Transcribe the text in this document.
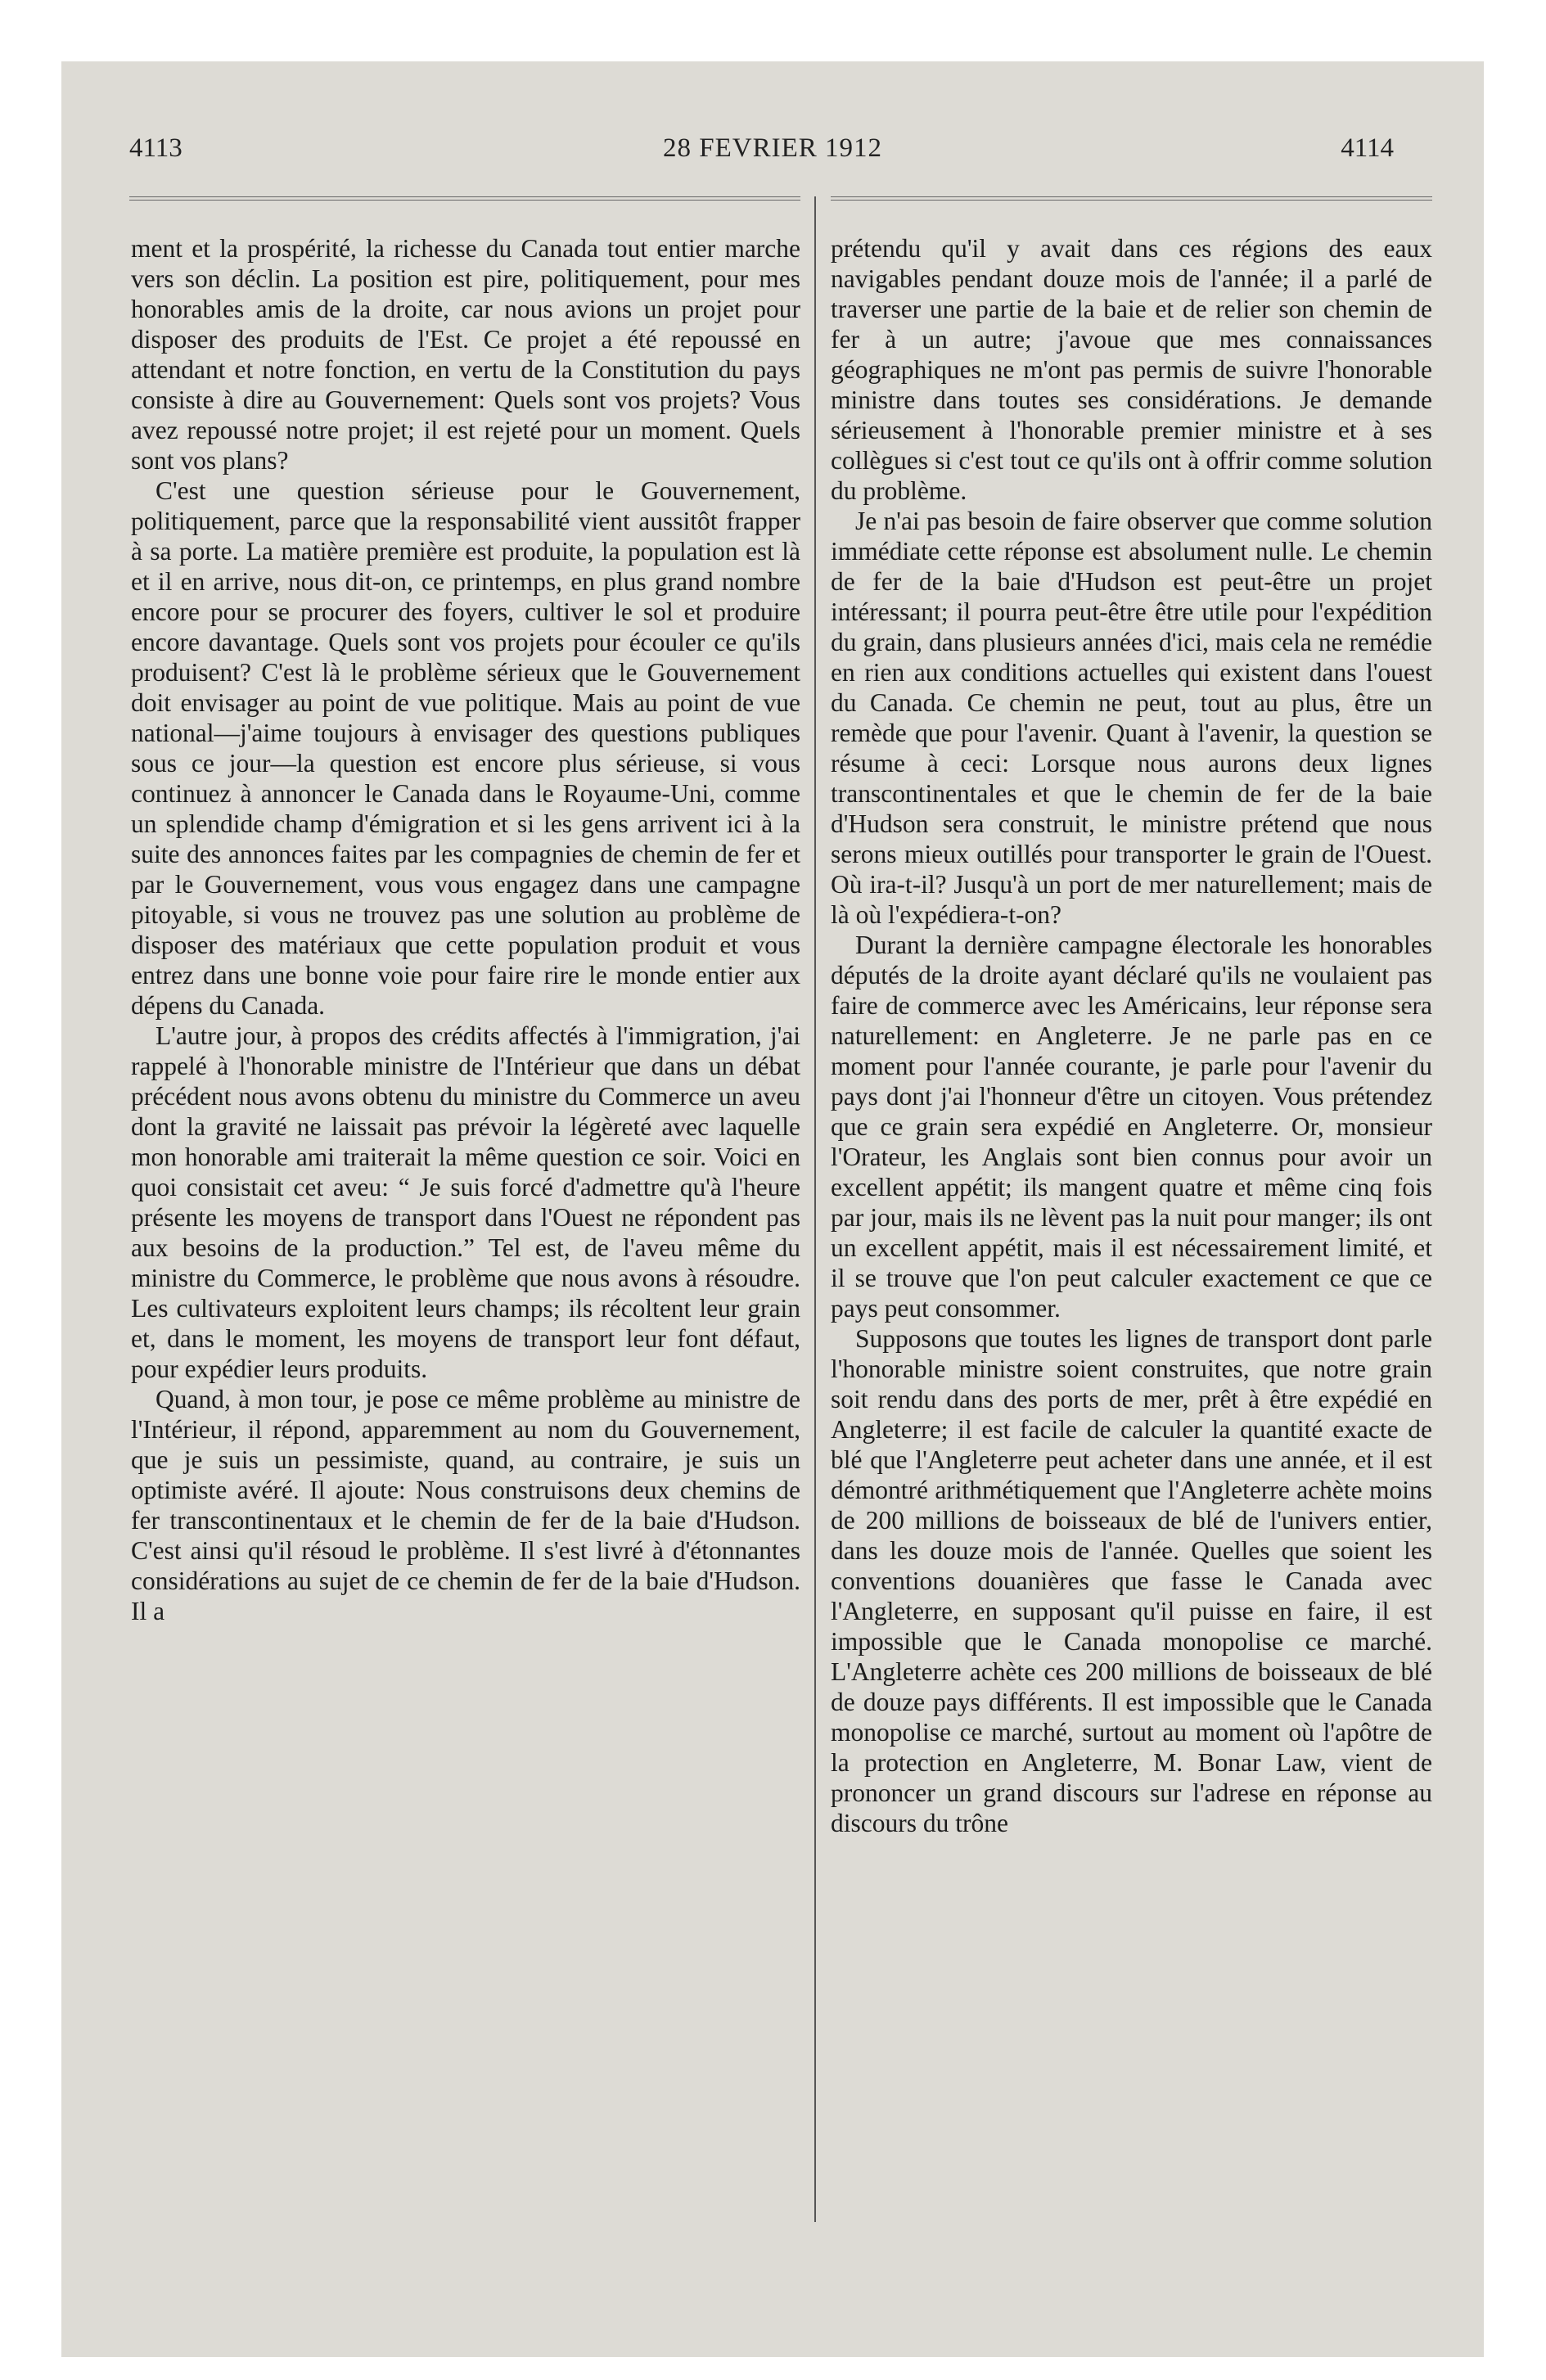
4113	28 FEVRIER 1912	4114

ment et la prospérité, la richesse du Canada tout entier marche vers son déclin. La position est pire, politiquement, pour mes honorables amis de la droite, car nous avions un projet pour disposer des produits de l'Est. Ce projet a été repoussé en attendant et notre fonction, en vertu de la Constitution du pays consiste à dire au Gouvernement: Quels sont vos projets? Vous avez repoussé notre projet; il est rejeté pour un moment. Quels sont vos plans?

C'est une question sérieuse pour le Gouvernement, politiquement, parce que la responsabilité vient aussitôt frapper à sa porte. La matière première est produite, la population est là et il en arrive, nous dit-on, ce printemps, en plus grand nombre encore pour se procurer des foyers, cultiver le sol et produire encore davantage. Quels sont vos projets pour écouler ce qu'ils produisent? C'est là le problème sérieux que le Gouvernement doit envisager au point de vue politique. Mais au point de vue national—j'aime toujours à envisager des questions publiques sous ce jour—la question est encore plus sérieuse, si vous continuez à annoncer le Canada dans le Royaume-Uni, comme un splendide champ d'émigration et si les gens arrivent ici à la suite des annonces faites par les compagnies de chemin de fer et par le Gouvernement, vous vous engagez dans une campagne pitoyable, si vous ne trouvez pas une solution au problème de disposer des matériaux que cette population produit et vous entrez dans une bonne voie pour faire rire le monde entier aux dépens du Canada.

L'autre jour, à propos des crédits affectés à l'immigration, j'ai rappelé à l'honorable ministre de l'Intérieur que dans un débat précédent nous avons obtenu du ministre du Commerce un aveu dont la gravité ne laissait pas prévoir la légèreté avec laquelle mon honorable ami traiterait la même question ce soir. Voici en quoi consistait cet aveu: “ Je suis forcé d'admettre qu'à l'heure présente les moyens de transport dans l'Ouest ne répondent pas aux besoins de la production.” Tel est, de l'aveu même du ministre du Commerce, le problème que nous avons à résoudre. Les cultivateurs exploitent leurs champs; ils récoltent leur grain et, dans le moment, les moyens de transport leur font défaut, pour expédier leurs produits.

Quand, à mon tour, je pose ce même problème au ministre de l'Intérieur, il répond, apparemment au nom du Gouvernement, que je suis un pessimiste, quand, au contraire, je suis un optimiste avéré. Il ajoute: Nous construisons deux chemins de fer transcontinentaux et le chemin de fer de la baie d'Hudson. C'est ainsi qu'il résoud le problème. Il s'est livré à d'étonnantes considérations au sujet de ce chemin de fer de la baie d'Hudson. Il a

prétendu qu'il y avait dans ces régions des eaux navigables pendant douze mois de l'année; il a parlé de traverser une partie de la baie et de relier son chemin de fer à un autre; j'avoue que mes connaissances géographiques ne m'ont pas permis de suivre l'honorable ministre dans toutes ses considérations. Je demande sérieusement à l'honorable premier ministre et à ses collègues si c'est tout ce qu'ils ont à offrir comme solution du problème.

Je n'ai pas besoin de faire observer que comme solution immédiate cette réponse est absolument nulle. Le chemin de fer de la baie d'Hudson est peut-être un projet intéressant; il pourra peut-être être utile pour l'expédition du grain, dans plusieurs années d'ici, mais cela ne remédie en rien aux conditions actuelles qui existent dans l'ouest du Canada. Ce chemin ne peut, tout au plus, être un remède que pour l'avenir. Quant à l'avenir, la question se résume à ceci: Lorsque nous aurons deux lignes transcontinentales et que le chemin de fer de la baie d'Hudson sera construit, le ministre prétend que nous serons mieux outillés pour transporter le grain de l'Ouest. Où ira-t-il? Jusqu'à un port de mer naturellement; mais de là où l'expédiera-t-on?

Durant la dernière campagne électorale les honorables députés de la droite ayant déclaré qu'ils ne voulaient pas faire de commerce avec les Américains, leur réponse sera naturellement: en Angleterre. Je ne parle pas en ce moment pour l'année courante, je parle pour l'avenir du pays dont j'ai l'honneur d'être un citoyen. Vous prétendez que ce grain sera expédié en Angleterre. Or, monsieur l'Orateur, les Anglais sont bien connus pour avoir un excellent appétit; ils mangent quatre et même cinq fois par jour, mais ils ne lèvent pas la nuit pour manger; ils ont un excellent appétit, mais il est nécessairement limité, et il se trouve que l'on peut calculer exactement ce que ce pays peut consommer.

Supposons que toutes les lignes de transport dont parle l'honorable ministre soient construites, que notre grain soit rendu dans des ports de mer, prêt à être expédié en Angleterre; il est facile de calculer la quantité exacte de blé que l'Angleterre peut acheter dans une année, et il est démontré arithmétiquement que l'Angleterre achète moins de 200 millions de boisseaux de blé de l'univers entier, dans les douze mois de l'année. Quelles que soient les conventions douanières que fasse le Canada avec l'Angleterre, en supposant qu'il puisse en faire, il est impossible que le Canada monopolise ce marché. L'Angleterre achète ces 200 millions de boisseaux de blé de douze pays différents. Il est impossible que le Canada monopolise ce marché, surtout au moment où l'apôtre de la protection en Angleterre, M. Bonar Law, vient de prononcer un grand discours sur l'adrese en réponse au discours du trône
